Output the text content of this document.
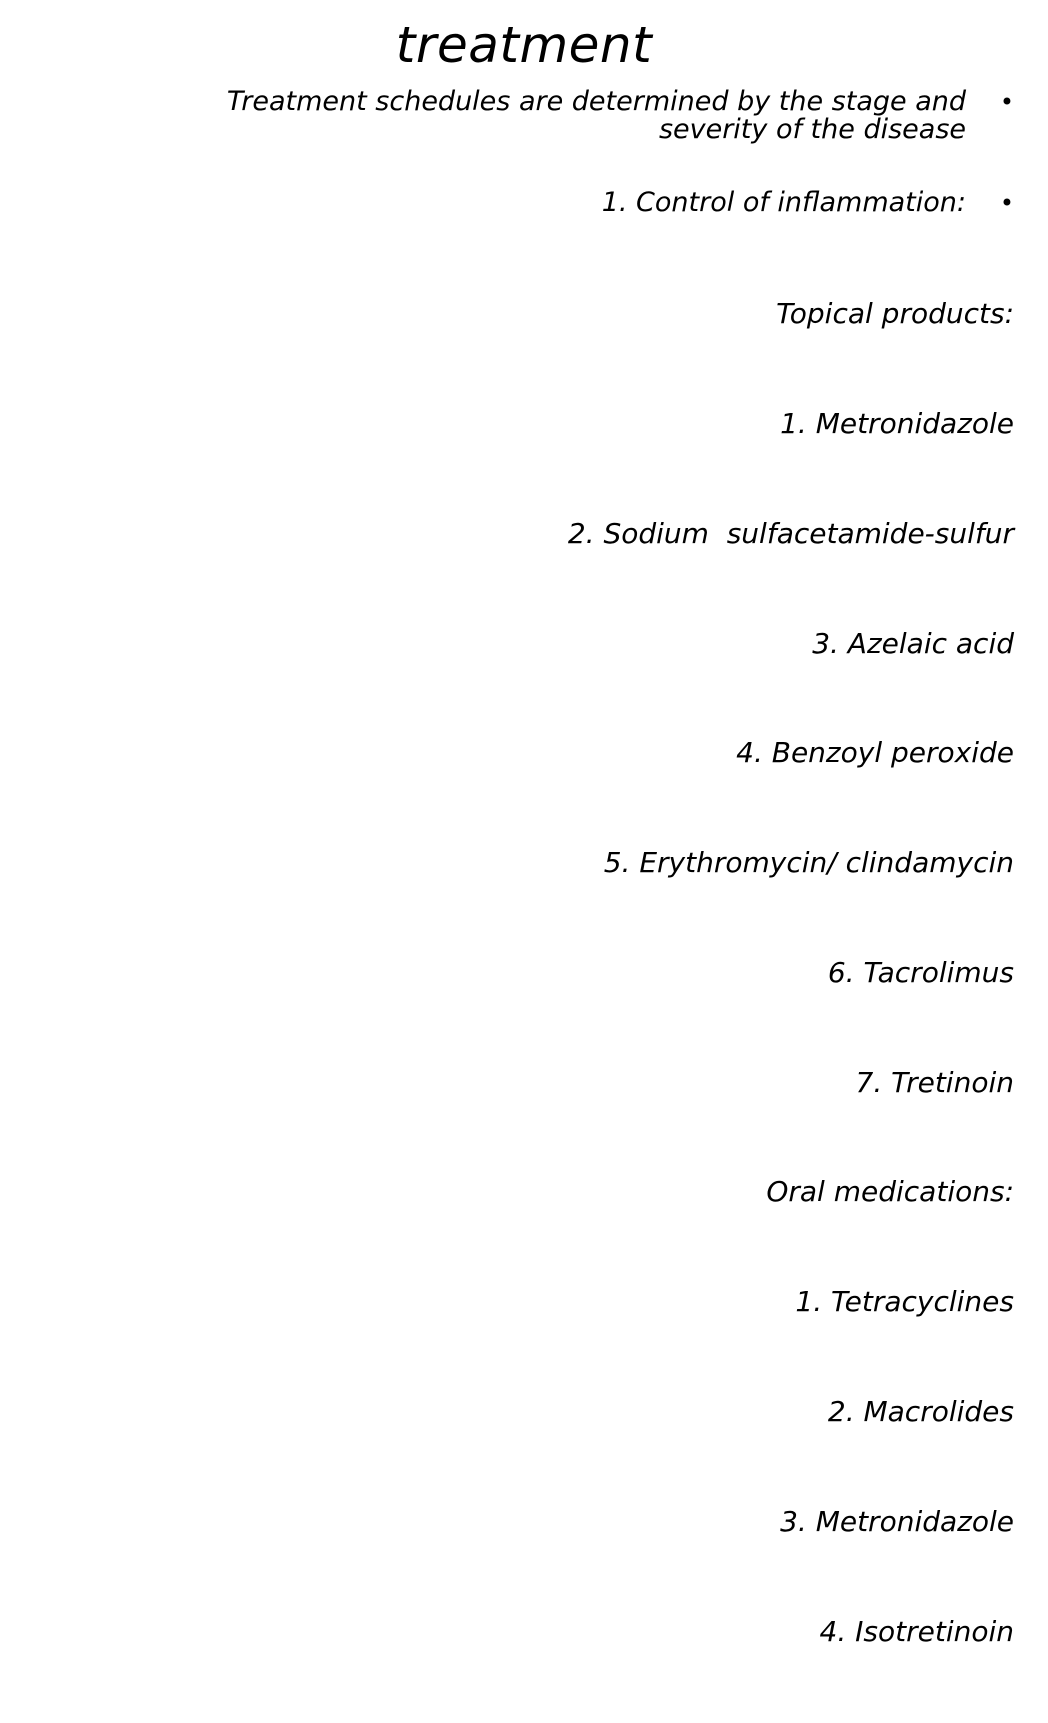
treatment
Treatment schedules are determined by the stage and
severity of the disease
•
1. Control of inflammation: •

Topical products:

1. Metronidazole

2. Sodium  sulfacetamide-sulfur

3. Azelaic acid

4. Benzoyl peroxide

5. Erythromycin/ clindamycin

6. Tacrolimus

7. Tretinoin

Oral medications:

1. Tetracyclines

2. Macrolides

3. Metronidazole

4. Isotretinoin
